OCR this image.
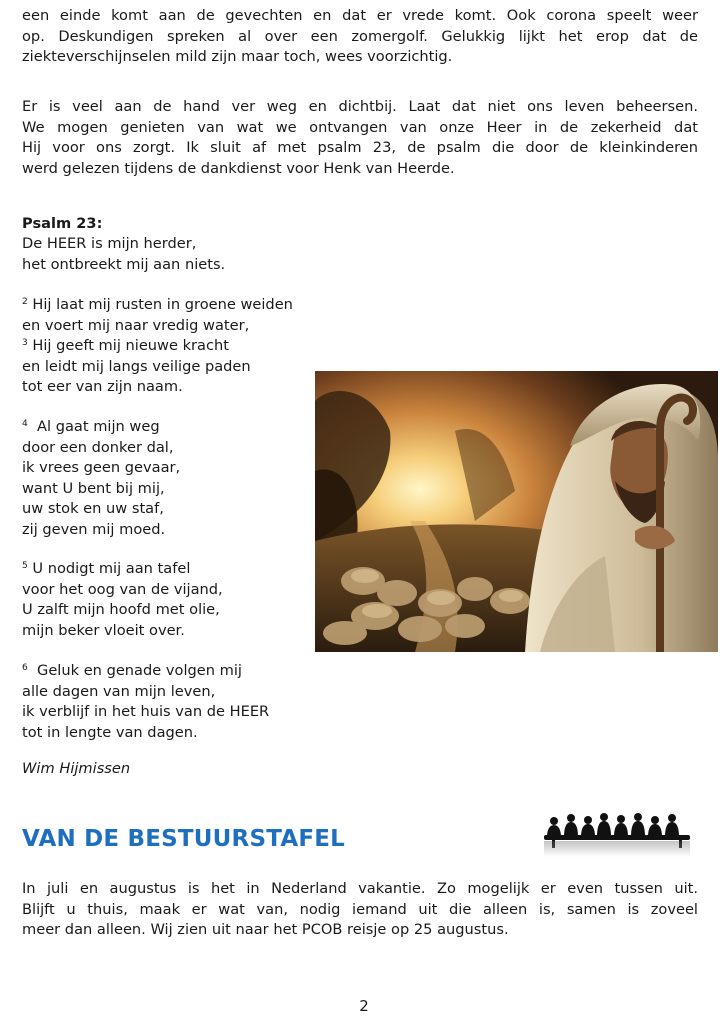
een einde komt aan de gevechten en dat er vrede komt. Ook corona speelt weer
op. Deskundigen spreken al over een zomergolf. Gelukkig lijkt het erop dat de
ziekteverschijnselen mild zijn maar toch, wees voorzichtig.
Er is veel aan de hand ver weg en dichtbij. Laat dat niet ons leven beheersen.
We mogen genieten van wat we ontvangen van onze Heer in de zekerheid dat
Hij voor ons zorgt. Ik sluit af met psalm 23, de psalm die door de kleinkinderen
werd gelezen tijdens de dankdienst voor Henk van Heerde.
Psalm 23:
De HEER is mijn herder,
het ontbreekt mij aan niets.
$^2$ Hij laat mij rusten in groene weiden
en voert mij naar vredig water,
$^3$ Hij geeft mij nieuwe kracht
en leidt mij langs veilige paden
tot eer van zijn naam.
$^4$ Al gaat mijn weg
door een donker dal,
ik vrees geen gevaar,
want U bent bij mij,
uw stok en uw staf,
zij geven mij moed.
$^5$ U nodigt mij aan tafel
voor het oog van de vijand,
U zalft mijn hoofd met olie,
mijn beker vloeit over.
$^6$ Geluk en genade volgen mij
alle dagen van mijn leven,
ik verblijf in het huis van de HEER
tot in lengte van dagen.
Wim Hijmissen
VAN DE BESTUURSTAFEL
In juli en augustus is het in Nederland vakantie. Zo mogelijk er even tussen uit.
Blijft u thuis, maak er wat van, nodig iemand uit die alleen is, samen is zoveel
meer dan alleen. Wij zien uit naar het PCOB reisje op 25 augustus.
2
